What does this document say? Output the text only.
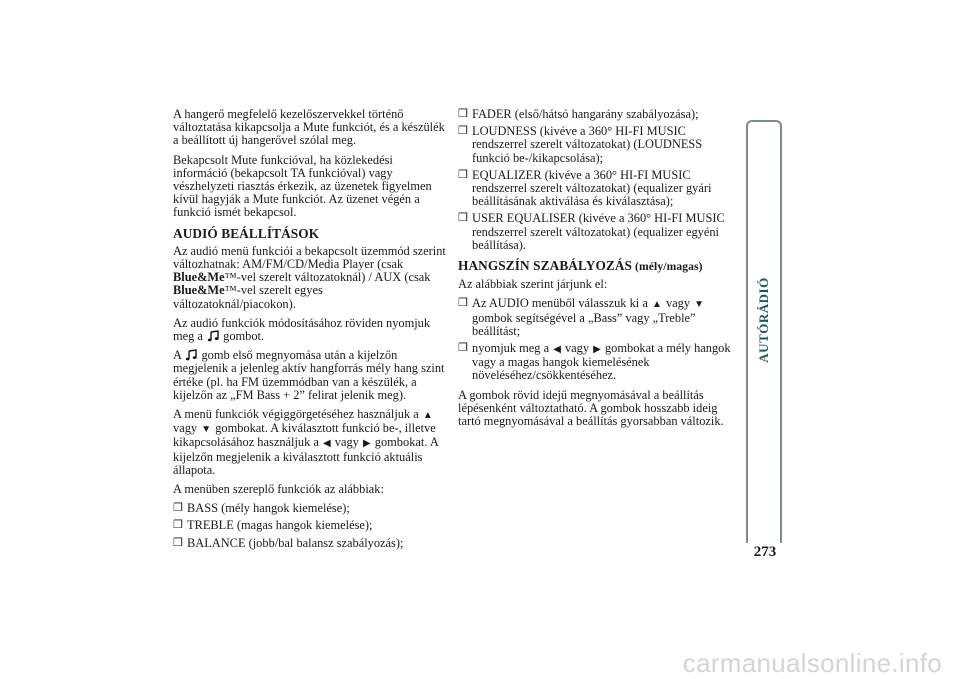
A hangerő megfelelő kezelőszervekkel történő változtatása kikapcsolja a Mute funkciót, és a készülék a beállított új hangerővel szólal meg.

Bekapcsolt Mute funkcióval, ha közlekedési információ (bekapcsolt TA funkcióval) vagy vészhelyzeti riasztás érkezik, az üzenetek figyelmen kívül hagyják a Mute funkciót. Az üzenet végén a funkció ismét bekapcsol.

AUDIÓ BEÁLLÍTÁSOK

Az audió menü funkciói a bekapcsolt üzemmód szerint változhatnak: AM/FM/CD/Media Player (csak Blue&Me™-vel szerelt változatoknál) / AUX (csak Blue&Me™-vel szerelt egyes változatoknál/piacokon).

Az audió funkciók módosításához röviden nyomjuk meg a  gombot.

A  gomb első megnyomása után a kijelzőn megjelenik a jelenleg aktív hangforrás mély hang szint értéke (pl. ha FM üzemmódban van a készülék, a kijelzőn az „FM Bass + 2” felirat jelenik meg).

A menü funkciók végiggörgetéséhez használjuk a ▲ vagy ▼ gombokat. A kiválasztott funkció be-, illetve kikapcsolásához használjuk a ◀ vagy ▶ gombokat. A kijelzőn megjelenik a kiválasztott funkció aktuális állapota.

A menüben szereplő funkciók az alábbiak:

❒ BASS (mély hangok kiemelése);
❒ TREBLE (magas hangok kiemelése);
❒ BALANCE (jobb/bal balansz szabályozás);
❒ FADER (első/hátsó hangarány szabályozása);
❒ LOUDNESS (kivéve a 360° HI-FI MUSIC rendszerrel szerelt változatokat) (LOUDNESS funkció be-/kikapcsolása);
❒ EQUALIZER (kivéve a 360° HI-FI MUSIC rendszerrel szerelt változatokat) (equalizer gyári beállításának aktiválása és kiválasztása);
❒ USER EQUALISER (kivéve a 360° HI-FI MUSIC rendszerrel szerelt változatokat) (equalizer egyéni beállítása).
HANGSZÍN SZABÁLYOZÁS (mély/magas)

Az alábbiak szerint járjunk el:

❒ Az AUDIO menüből válasszuk ki a ▲ vagy ▼ gombok segítségével a „Bass” vagy „Treble” beállítást;
❒ nyomjuk meg a ◀ vagy ▶ gombokat a mély hangok vagy a magas hangok kiemelésének növeléséhez/csökkentéséhez.

A gombok rövid idejű megnyomásával a beállítás lépésenként változtatható. A gombok hosszabb ideig tartó megnyomásával a beállítás gyorsabban változik.

AUTÓRÁDIÓ
273
carmanualsonline.info
